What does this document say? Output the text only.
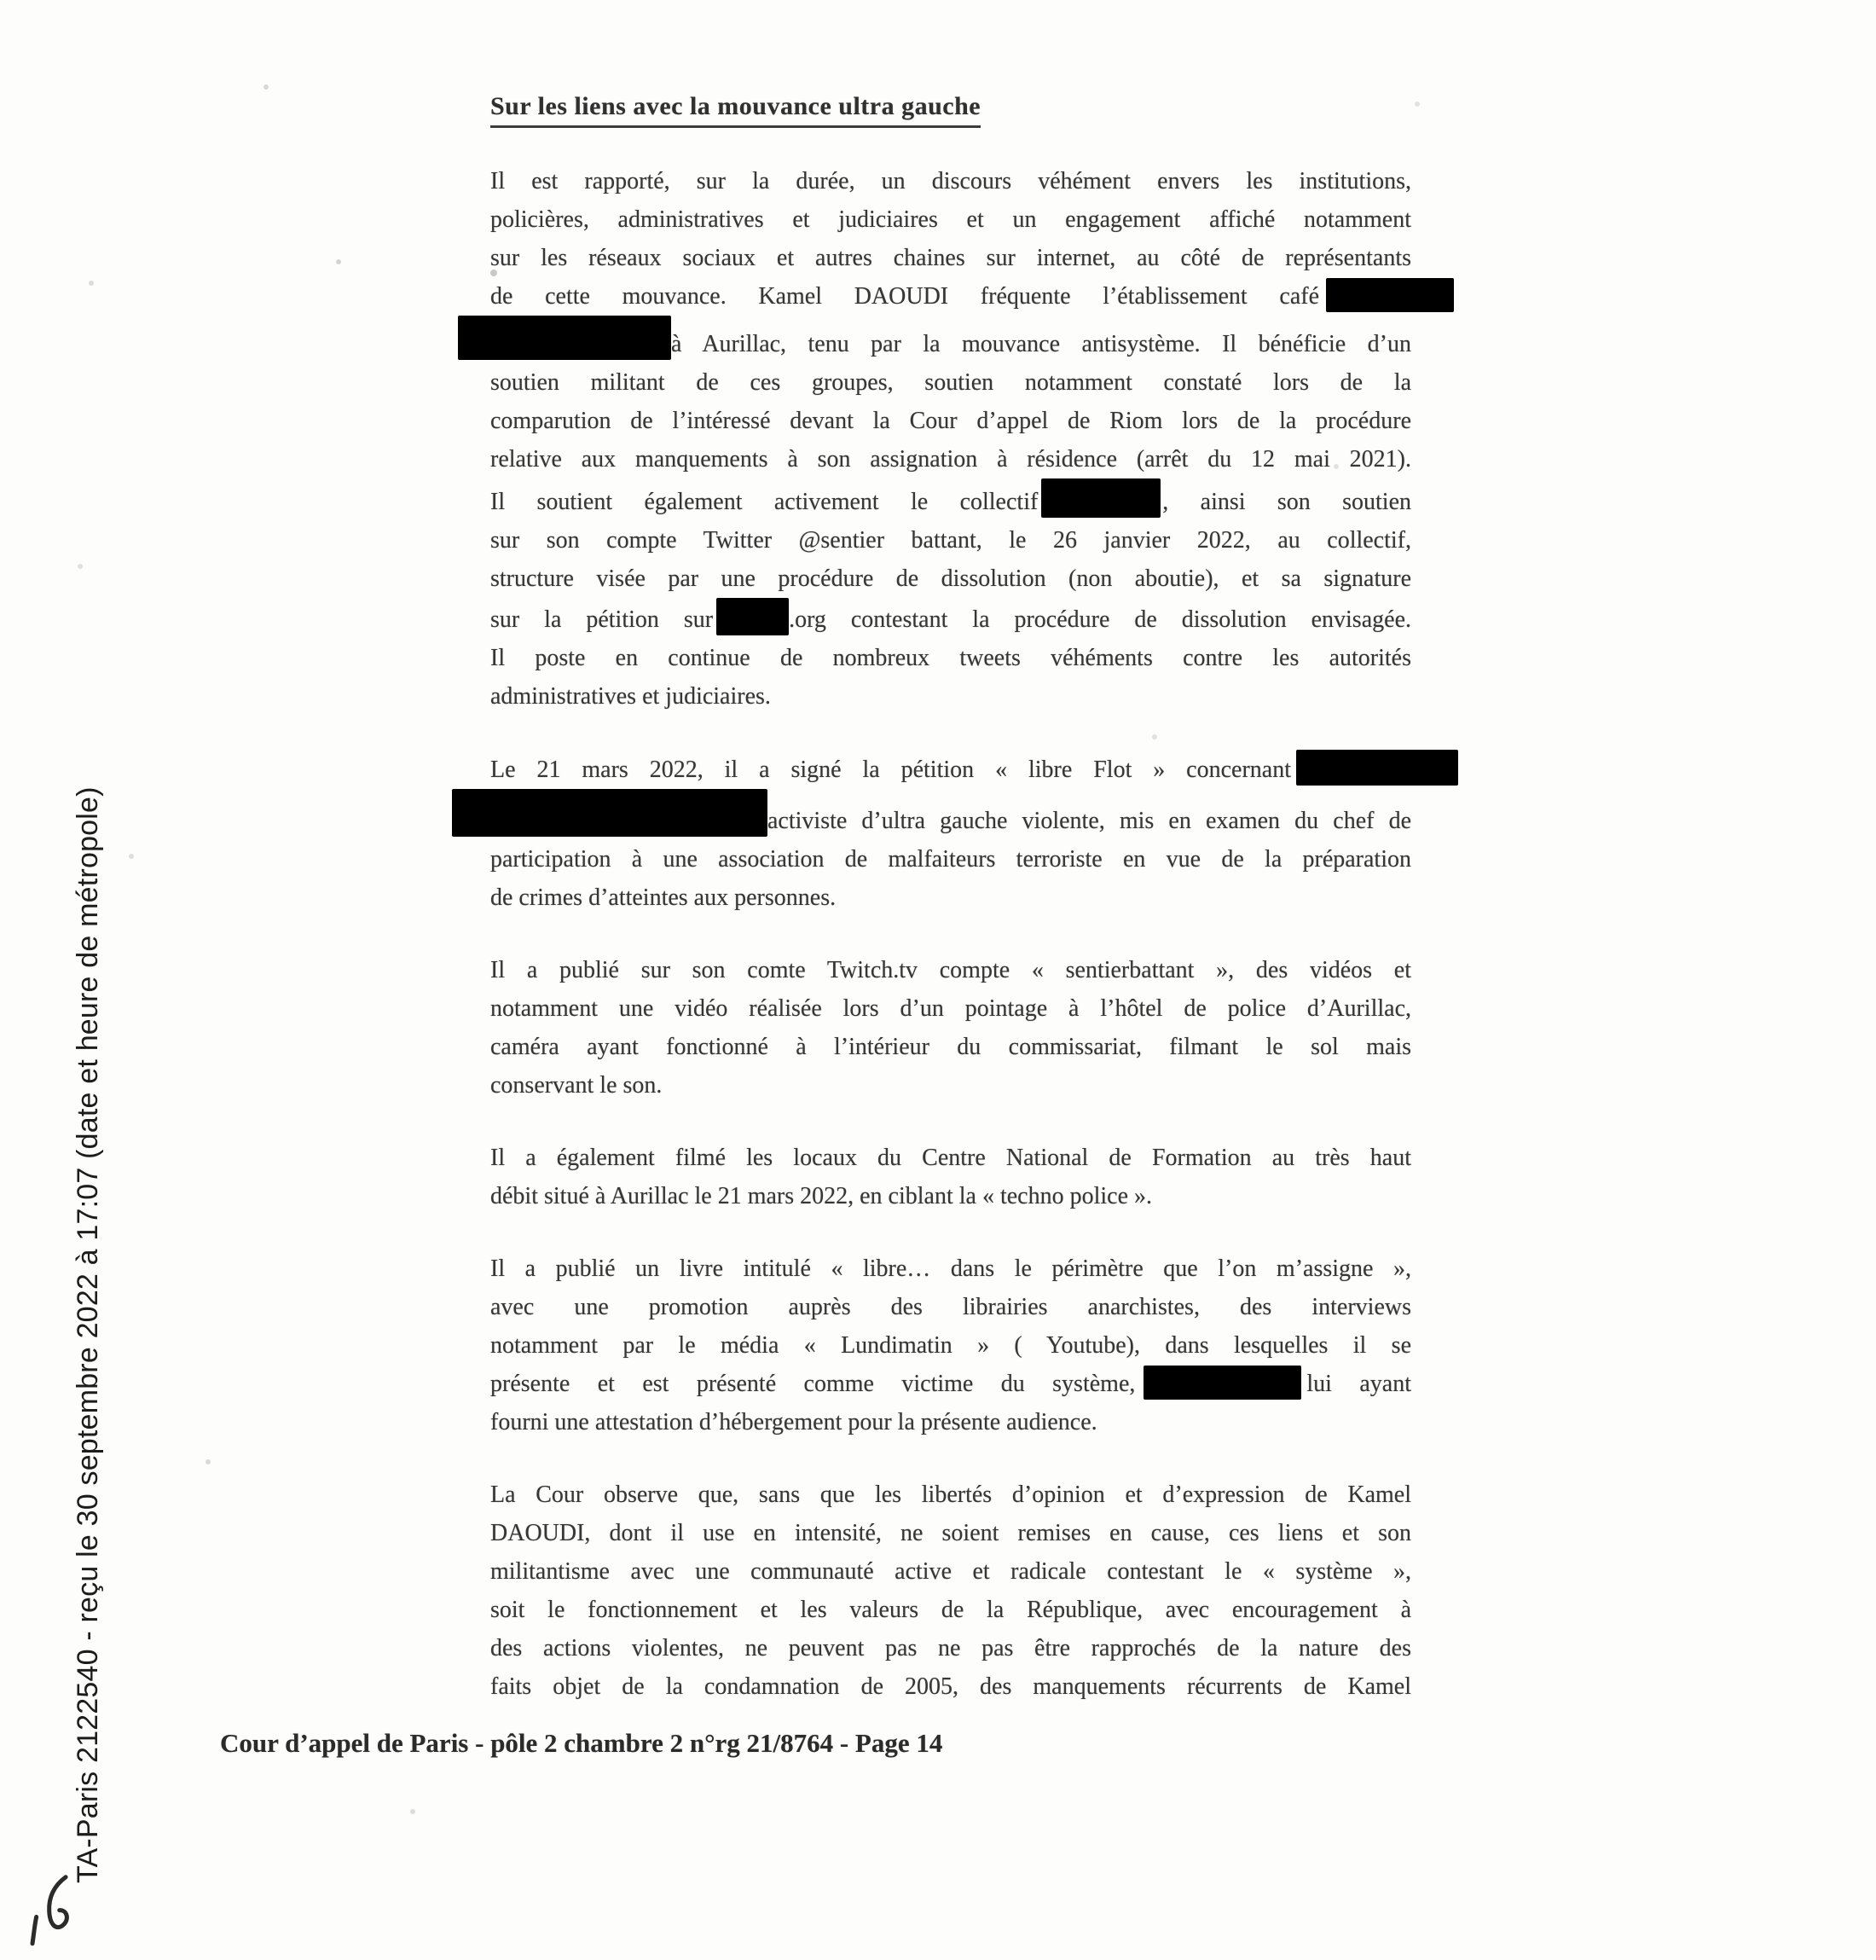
Sur les liens avec la mouvance ultra gauche
Il est rapporté, sur la durée, un discours véhément envers les institutions,
policières, administratives et judiciaires et un engagement affiché notamment
sur les réseaux sociaux et autres chaines sur internet, au côté de représentants
de cette mouvance. Kamel DAOUDI fréquente l’établissement café
à Aurillac, tenu par la mouvance antisystème. Il bénéficie d’un
soutien militant de ces groupes, soutien notamment constaté lors de la
comparution de l’intéressé devant la Cour d’appel de Riom lors de la procédure
relative aux manquements à son assignation à résidence (arrêt du 12 mai 2021).
Il soutient également activement le collectif	, ainsi son soutien
sur son compte Twitter @sentier battant, le 26 janvier 2022, au collectif,
structure visée par une procédure de dissolution (non aboutie), et sa signature
sur la pétition sur	.org contestant la procédure de dissolution envisagée.
Il poste en continue de nombreux tweets véhéments contre les autorités
administratives et judiciaires.
Le 21 mars 2022, il a signé la pétition « libre Flot » concernant
activiste d’ultra gauche violente, mis en examen du chef de
participation à une association de malfaiteurs terroriste en vue de la préparation
de crimes d’atteintes aux personnes.
Il a publié sur son comte Twitch.tv compte « sentierbattant », des vidéos et
notamment une vidéo réalisée lors d’un pointage à l’hôtel de police d’Aurillac,
caméra ayant fonctionné à l’intérieur du commissariat, filmant le sol mais
conservant le son.
Il a également filmé les locaux du Centre National de Formation au très haut
débit situé à Aurillac le 21 mars 2022, en ciblant la « techno police ».
Il a publié un livre intitulé « libre… dans le périmètre que l’on m’assigne »,
avec une promotion auprès des librairies anarchistes, des interviews
notamment par le média « Lundimatin » ( Youtube), dans lesquelles il se
présente et est présenté comme victime du système,	lui ayant
fourni une attestation d’hébergement pour la présente audience.
La Cour observe que, sans que les libertés d’opinion et d’expression de Kamel
DAOUDI, dont il use en intensité, ne soient remises en cause, ces liens et son
militantisme avec une communauté active et radicale contestant le « système »,
soit le fonctionnement et les valeurs de la République, avec encouragement à
des actions violentes, ne peuvent pas ne pas être rapprochés de la nature des
faits objet de la condamnation de 2005, des manquements récurrents de Kamel
Cour d’appel de Paris - pôle 2 chambre 2 n°rg 21/8764 - Page 14
TA-Paris 2122540 - reçu le 30 septembre 2022 à 17:07 (date et heure de métropole)
